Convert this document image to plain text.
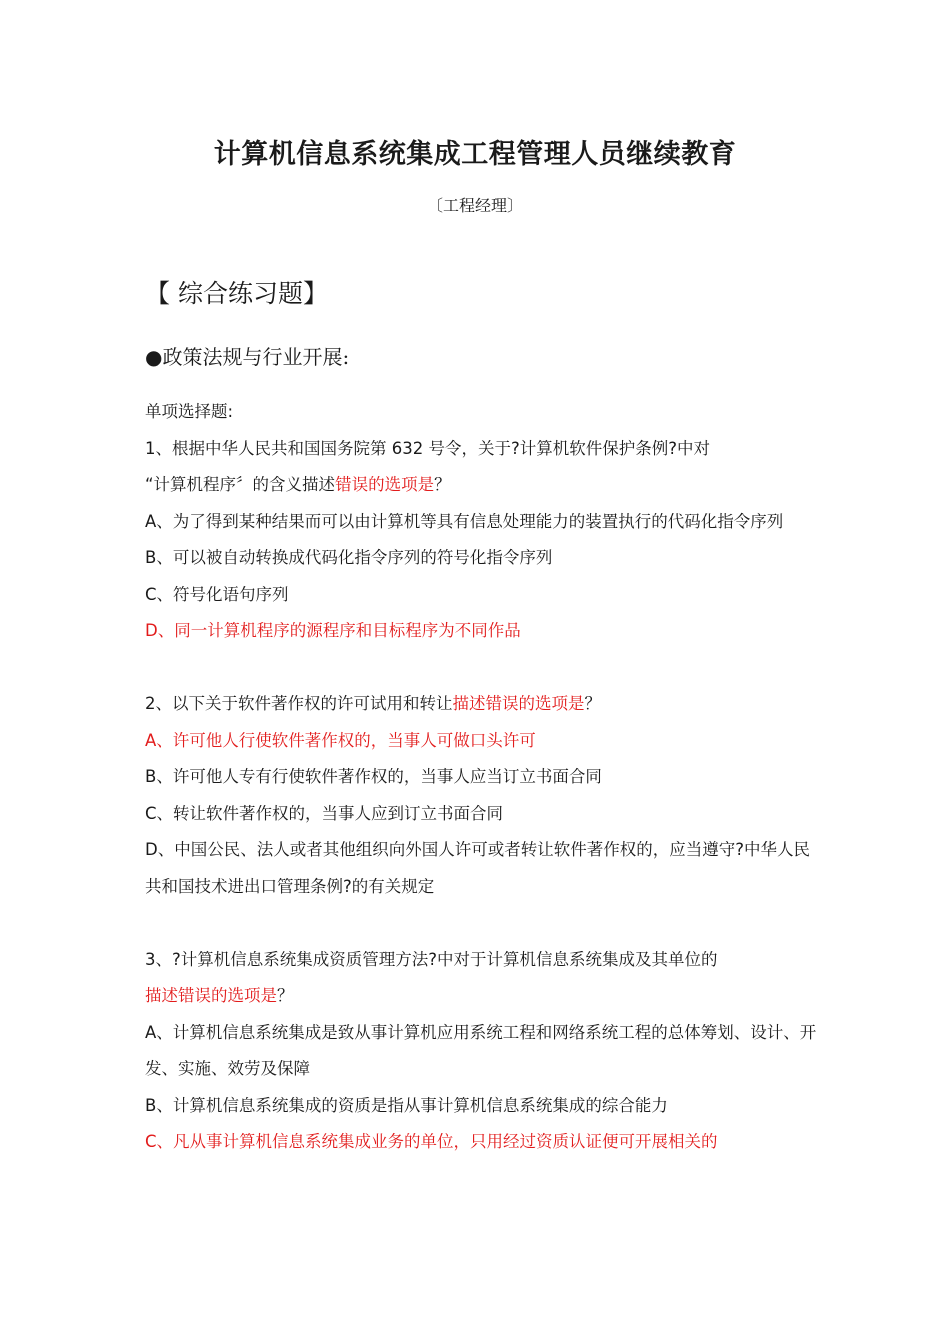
计算机信息系统集成工程管理人员继续教育
〔工程经理〕
【 综合练习题】
●政策法规与行业开展:
单项选择题:
1、根据中华人民共和国国务院第 632 号令，关于?计算机软件保护条例?中对
“计算机程序〞的含义描述错误的选项是？
A、为了得到某种结果而可以由计算机等具有信息处理能力的装置执行的代码化指令序列
B、可以被自动转换成代码化指令序列的符号化指令序列
C、符号化语句序列
D、同一计算机程序的源程序和目标程序为不同作品
2、以下关于软件著作权的许可试用和转让描述错误的选项是？
A、许可他人行使软件著作权的，当事人可做口头许可
B、许可他人专有行使软件著作权的，当事人应当订立书面合同
C、转让软件著作权的，当事人应到订立书面合同
D、中国公民、法人或者其他组织向外国人许可或者转让软件著作权的，应当遵守?中华人民共和国技术进出口管理条例?的有关规定
3、?计算机信息系统集成资质管理方法?中对于计算机信息系统集成及其单位的
描述错误的选项是？
A、计算机信息系统集成是致从事计算机应用系统工程和网络系统工程的总体筹划、设计、开发、实施、效劳及保障
B、计算机信息系统集成的资质是指从事计算机信息系统集成的综合能力
C、凡从事计算机信息系统集成业务的单位，只用经过资质认证便可开展相关的
